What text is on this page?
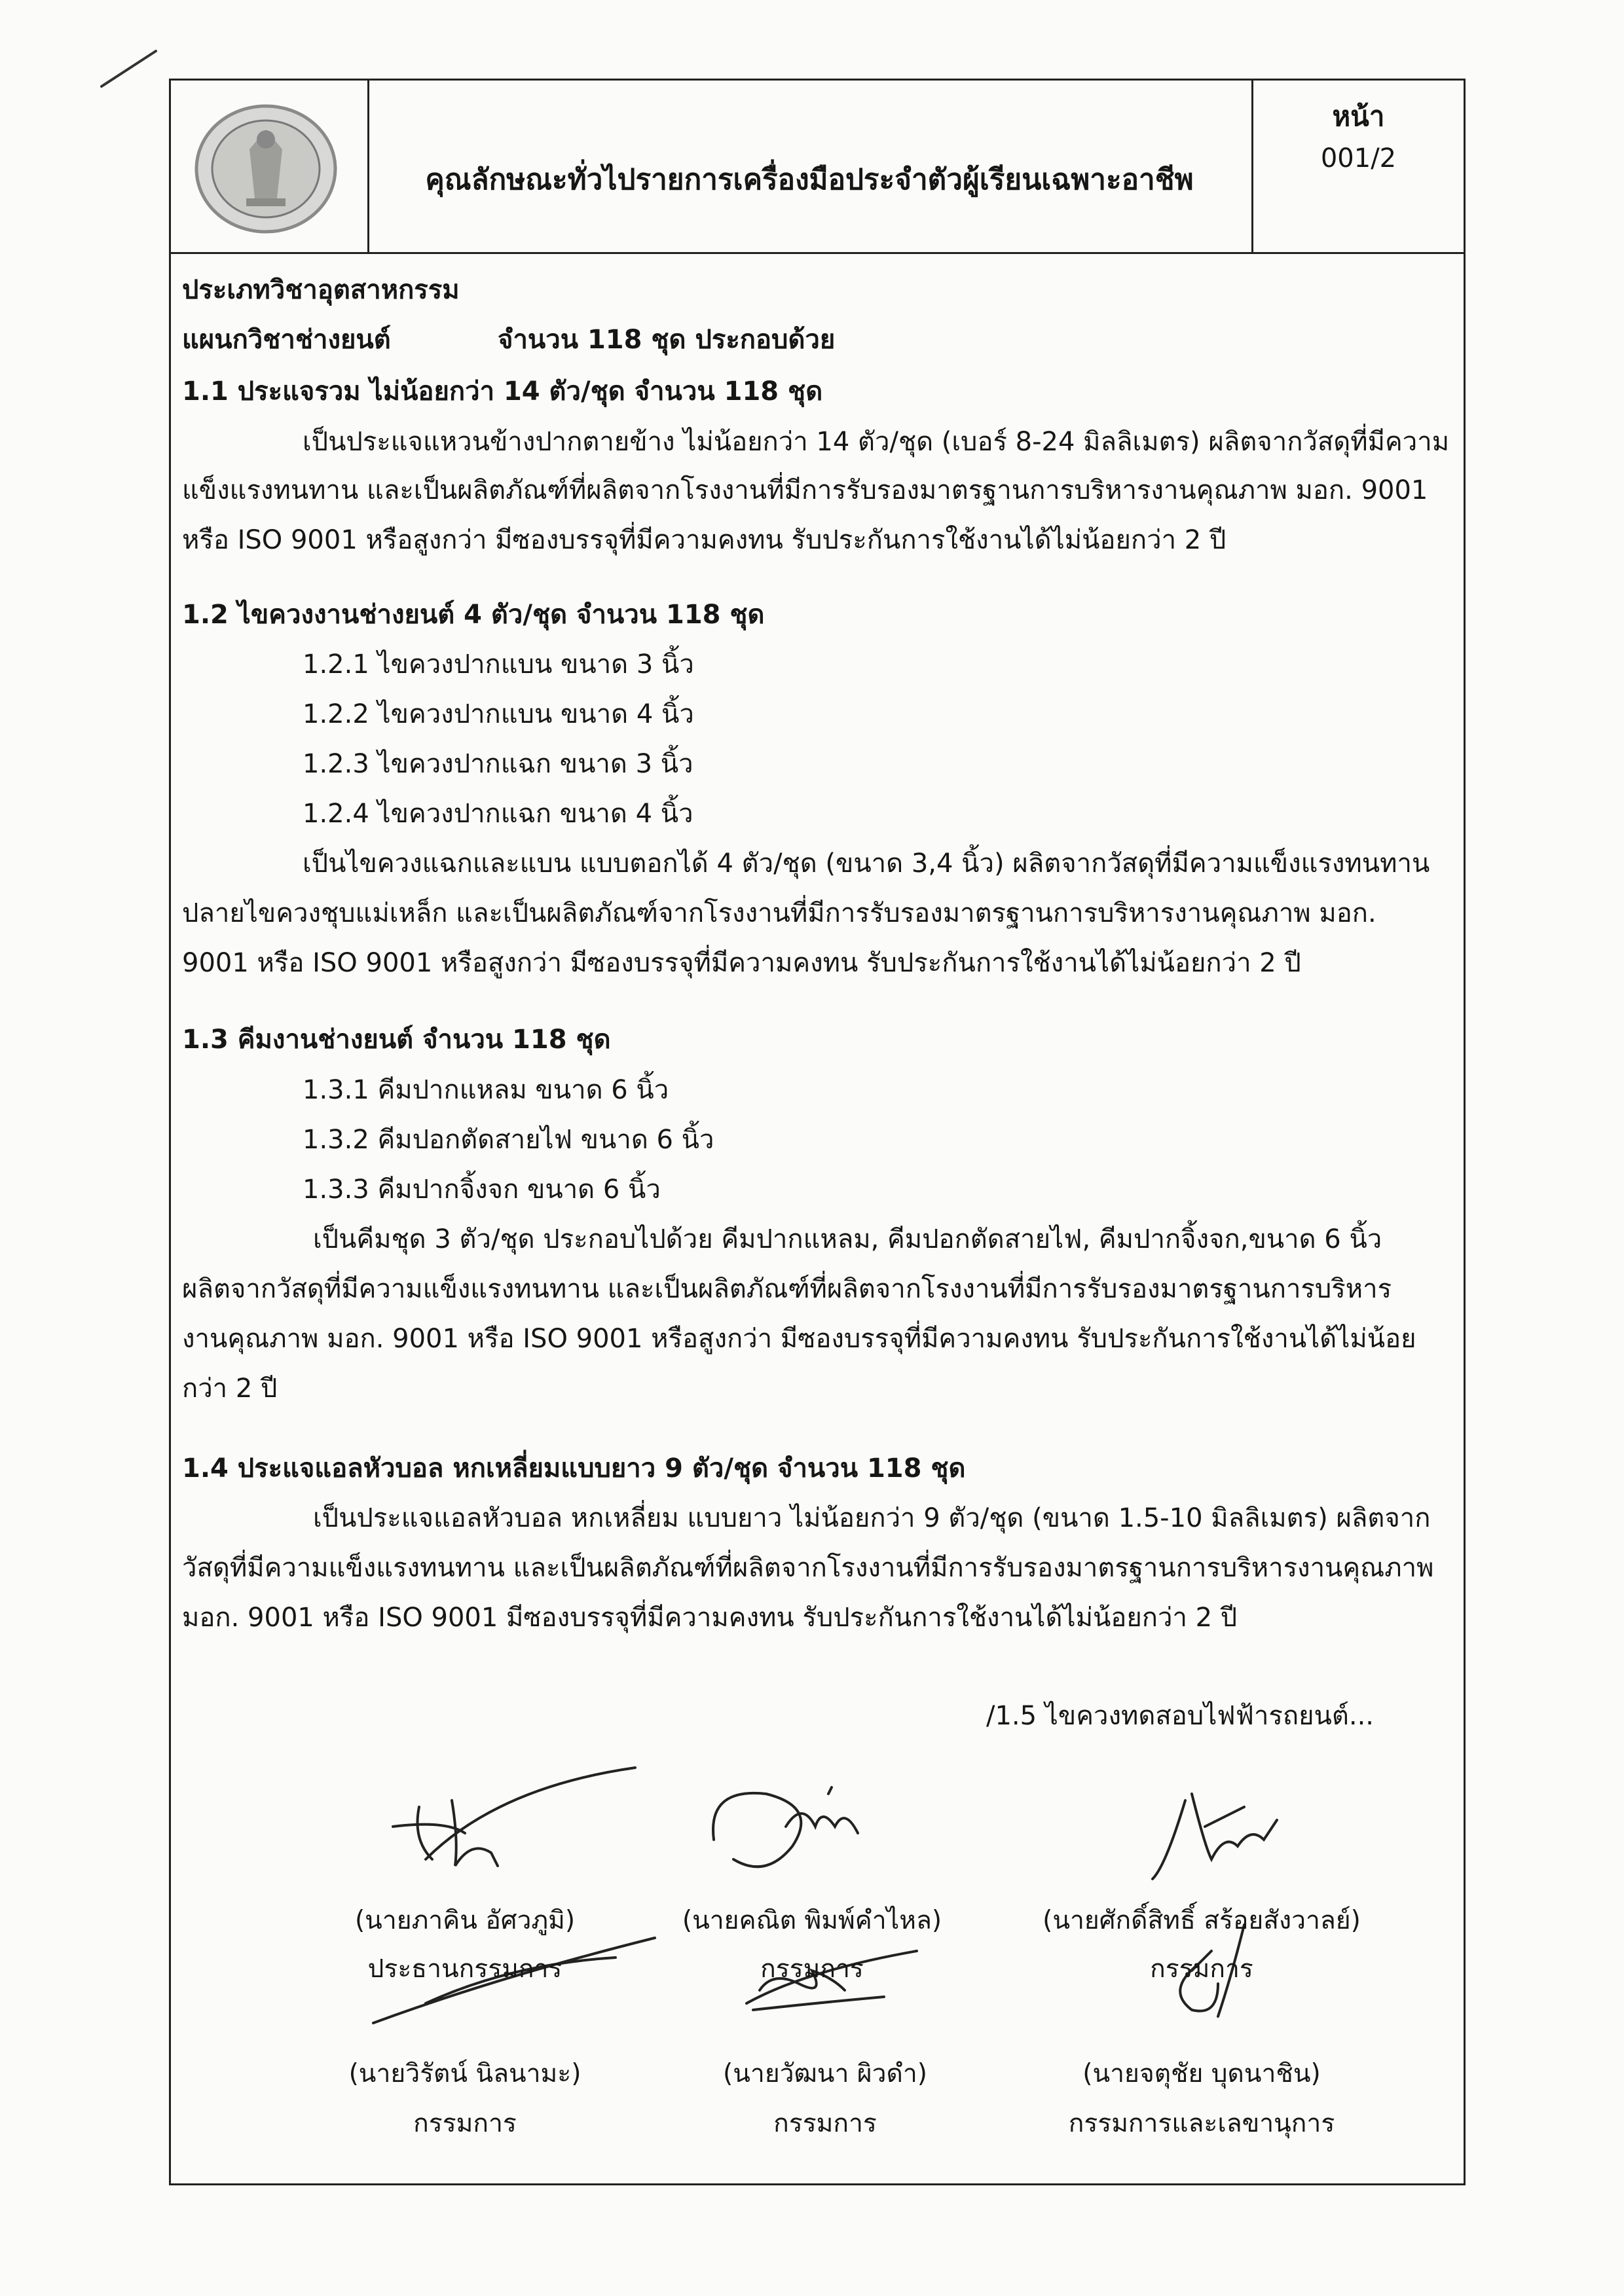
คุณลักษณะทั่วไปรายการเครื่องมือประจำตัวผู้เรียนเฉพาะอาชีพ
หน้า
001/2
ประเภทวิชาอุตสาหกรรม
แผนกวิชาช่างยนต์	จำนวน 118 ชุด ประกอบด้วย
1.1 ประแจรวม ไม่น้อยกว่า 14 ตัว/ชุด จำนวน 118 ชุด
เป็นประแจแหวนข้างปากตายข้าง ไม่น้อยกว่า 14 ตัว/ชุด (เบอร์ 8-24 มิลลิเมตร) ผลิตจากวัสดุที่มีความ
แข็งแรงทนทาน และเป็นผลิตภัณฑ์ที่ผลิตจากโรงงานที่มีการรับรองมาตรฐานการบริหารงานคุณภาพ มอก. 9001
หรือ ISO 9001 หรือสูงกว่า มีซองบรรจุที่มีความคงทน รับประกันการใช้งานได้ไม่น้อยกว่า 2 ปี
1.2 ไขควงงานช่างยนต์ 4 ตัว/ชุด จำนวน 118 ชุด
1.2.1 ไขควงปากแบน ขนาด 3 นิ้ว
1.2.2 ไขควงปากแบน ขนาด 4 นิ้ว
1.2.3 ไขควงปากแฉก ขนาด 3 นิ้ว
1.2.4 ไขควงปากแฉก ขนาด 4 นิ้ว
เป็นไขควงแฉกและแบน แบบตอกได้ 4 ตัว/ชุด (ขนาด 3,4 นิ้ว) ผลิตจากวัสดุที่มีความแข็งแรงทนทาน
ปลายไขควงชุบแม่เหล็ก และเป็นผลิตภัณฑ์จากโรงงานที่มีการรับรองมาตรฐานการบริหารงานคุณภาพ มอก.
9001 หรือ ISO 9001 หรือสูงกว่า มีซองบรรจุที่มีความคงทน รับประกันการใช้งานได้ไม่น้อยกว่า 2 ปี
1.3 คีมงานช่างยนต์ จำนวน 118 ชุด
1.3.1 คีมปากแหลม ขนาด 6 นิ้ว
1.3.2 คีมปอกตัดสายไฟ ขนาด 6 นิ้ว
1.3.3 คีมปากจิ้งจก ขนาด 6 นิ้ว
เป็นคีมชุด 3 ตัว/ชุด ประกอบไปด้วย คีมปากแหลม, คีมปอกตัดสายไฟ, คีมปากจิ้งจก,ขนาด 6 นิ้ว
ผลิตจากวัสดุที่มีความแข็งแรงทนทาน และเป็นผลิตภัณฑ์ที่ผลิตจากโรงงานที่มีการรับรองมาตรฐานการบริหาร
งานคุณภาพ มอก. 9001 หรือ ISO 9001 หรือสูงกว่า มีซองบรรจุที่มีความคงทน รับประกันการใช้งานได้ไม่น้อย
กว่า 2 ปี
1.4 ประแจแอลหัวบอล หกเหลี่ยมแบบยาว 9 ตัว/ชุด จำนวน 118 ชุด
เป็นประแจแอลหัวบอล หกเหลี่ยม แบบยาว ไม่น้อยกว่า 9 ตัว/ชุด (ขนาด 1.5-10 มิลลิเมตร) ผลิตจาก
วัสดุที่มีความแข็งแรงทนทาน และเป็นผลิตภัณฑ์ที่ผลิตจากโรงงานที่มีการรับรองมาตรฐานการบริหารงานคุณภาพ
มอก. 9001 หรือ ISO 9001 มีซองบรรจุที่มีความคงทน รับประกันการใช้งานได้ไม่น้อยกว่า 2 ปี
/1.5 ไขควงทดสอบไฟฟ้ารถยนต์...
(นายภาคิน อัศวภูมิ)
ประธานกรรมการ
(นายคณิต พิมพ์คำไหล)
กรรมการ
(นายศักดิ์สิทธิ์ สร้อยสังวาลย์)
กรรมการ
(นายวิรัตน์ นิลนามะ)
กรรมการ
(นายวัฒนา ผิวดำ)
กรรมการ
(นายจตุชัย บุดนาชิน)
กรรมการและเลขานุการ
